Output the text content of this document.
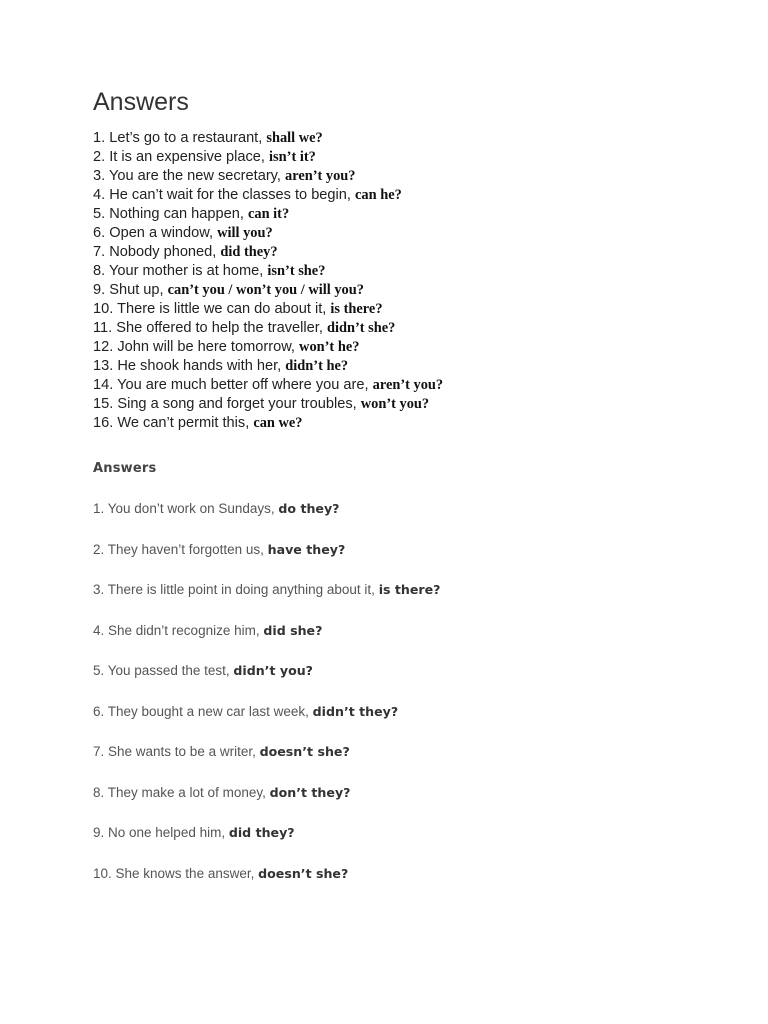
Answers
1. Let’s go to a restaurant, shall we?
2. It is an expensive place, isn’t it?
3. You are the new secretary, aren’t you?
4. He can’t wait for the classes to begin, can he?
5. Nothing can happen, can it?
6. Open a window, will you?
7. Nobody phoned, did they?
8. Your mother is at home, isn’t she?
9. Shut up, can’t you / won’t you / will you?
10. There is little we can do about it, is there?
11. She offered to help the traveller, didn’t she?
12. John will be here tomorrow, won’t he?
13. He shook hands with her, didn’t he?
14. You are much better off where you are, aren’t you?
15. Sing a song and forget your troubles, won’t you?
16. We can’t permit this, can we?
Answers
1. You don’t work on Sundays, do they?
2. They haven’t forgotten us, have they?
3. There is little point in doing anything about it, is there?
4. She didn’t recognize him, did she?
5. You passed the test, didn’t you?
6. They bought a new car last week, didn’t they?
7. She wants to be a writer, doesn’t she?
8. They make a lot of money, don’t they?
9. No one helped him, did they?
10. She knows the answer, doesn’t she?
